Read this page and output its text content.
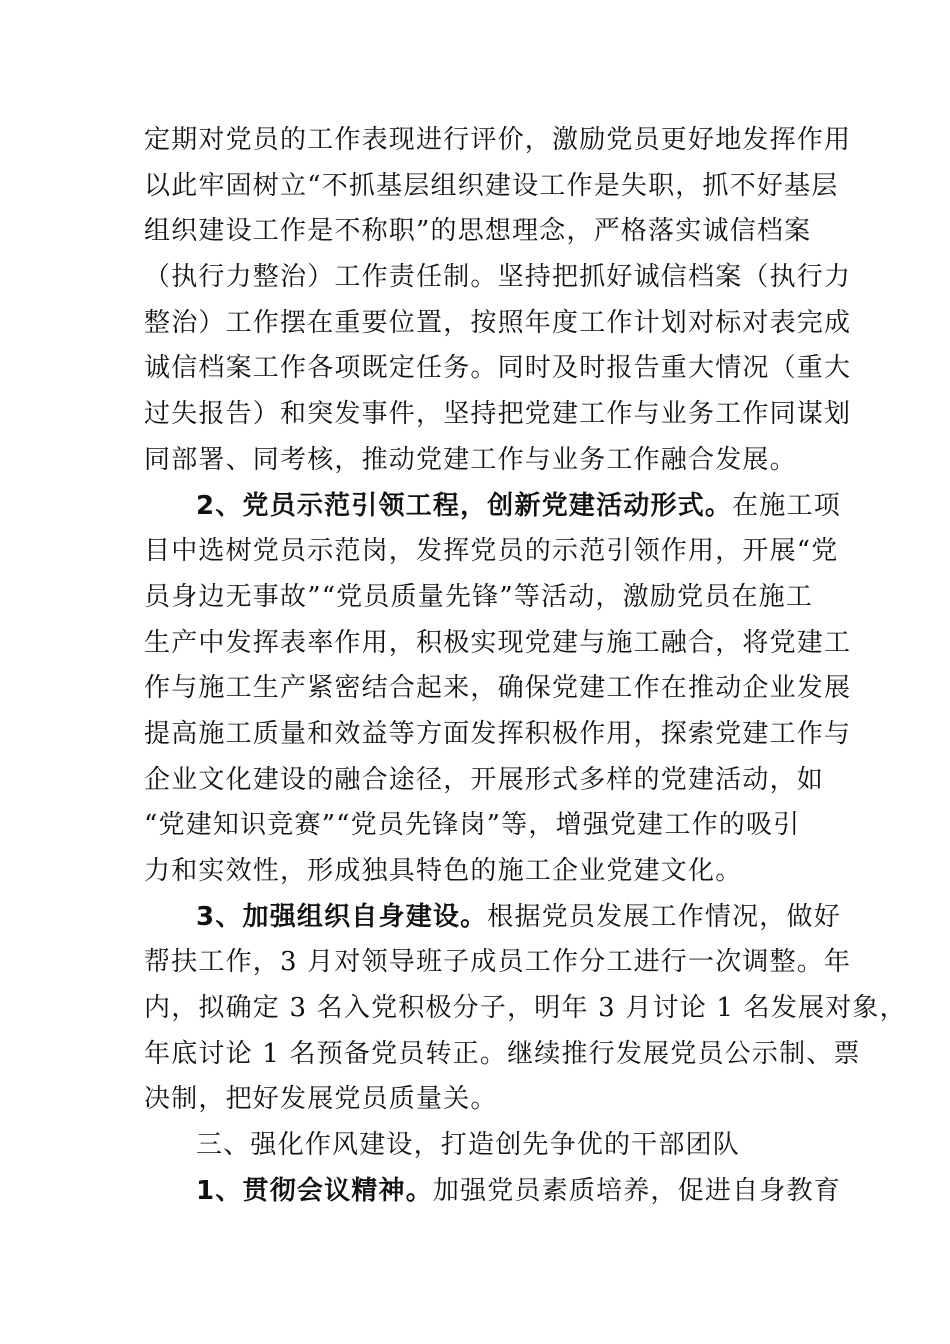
定期对党员的工作表现进行评价，激励党员更好地发挥作用
以此牢固树立“不抓基层组织建设工作是失职，抓不好基层
组织建设工作是不称职”的思想理念，严格落实诚信档案
（执行力整治）工作责任制。坚持把抓好诚信档案（执行力
整治）工作摆在重要位置，按照年度工作计划对标对表完成
诚信档案工作各项既定任务。同时及时报告重大情况（重大
过失报告）和突发事件，坚持把党建工作与业务工作同谋划
同部署、同考核，推动党建工作与业务工作融合发展。
2、党员示范引领工程，创新党建活动形式。在施工项
目中选树党员示范岗，发挥党员的示范引领作用，开展“党
员身边无事故”“党员质量先锋”等活动，激励党员在施工
生产中发挥表率作用，积极实现党建与施工融合，将党建工
作与施工生产紧密结合起来，确保党建工作在推动企业发展
提高施工质量和效益等方面发挥积极作用，探索党建工作与
企业文化建设的融合途径，开展形式多样的党建活动，如
“党建知识竞赛”“党员先锋岗”等，增强党建工作的吸引
力和实效性，形成独具特色的施工企业党建文化。
3、加强组织自身建设。根据党员发展工作情况，做好
帮扶工作，3 月对领导班子成员工作分工进行一次调整。年
内，拟确定 3 名入党积极分子，明年 3 月讨论 1 名发展对象，
年底讨论 1 名预备党员转正。继续推行发展党员公示制、票
决制，把好发展党员质量关。
三、强化作风建设，打造创先争优的干部团队
1、贯彻会议精神。加强党员素质培养，促进自身教育
